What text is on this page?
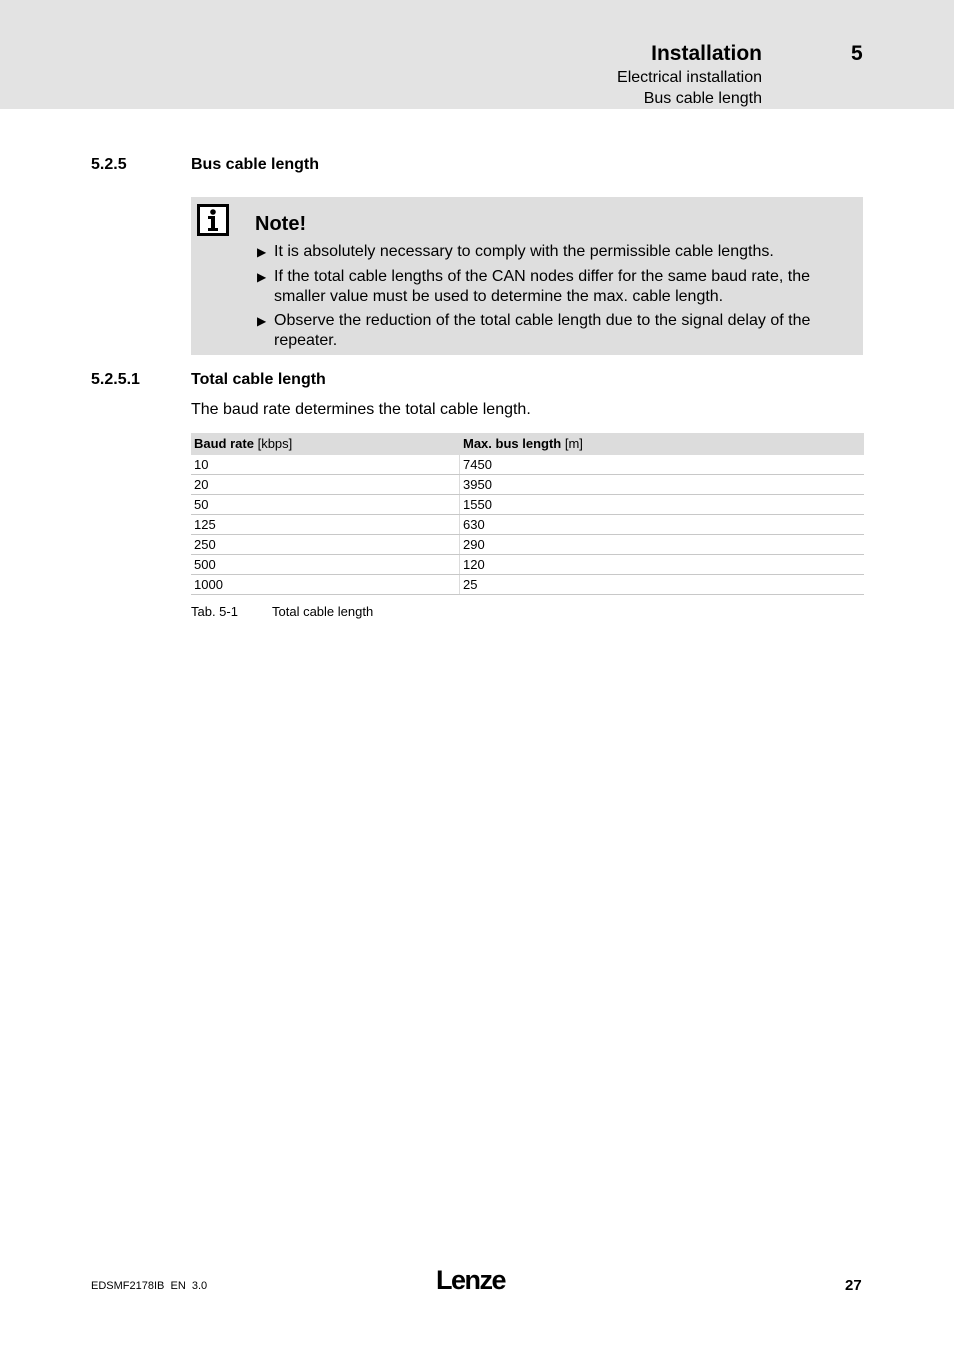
Installation	5
Electrical installation
Bus cable length
5.2.5	Bus cable length
Note!
▶ It is absolutely necessary to comply with the permissible cable lengths.
▶ If the total cable lengths of the CAN nodes differ for the same baud rate, the smaller value must be used to determine the max. cable length.
▶ Observe the reduction of the total cable length due to the signal delay of the repeater.
5.2.5.1	Total cable length
The baud rate determines the total cable length.
Baud rate [kbps]	Max. bus length [m]
10	7450
20	3950
50	1550
125	630
250	290
500	120
1000	25
Tab. 5-1	Total cable length
EDSMF2178IB  EN  3.0	Lenze	27
